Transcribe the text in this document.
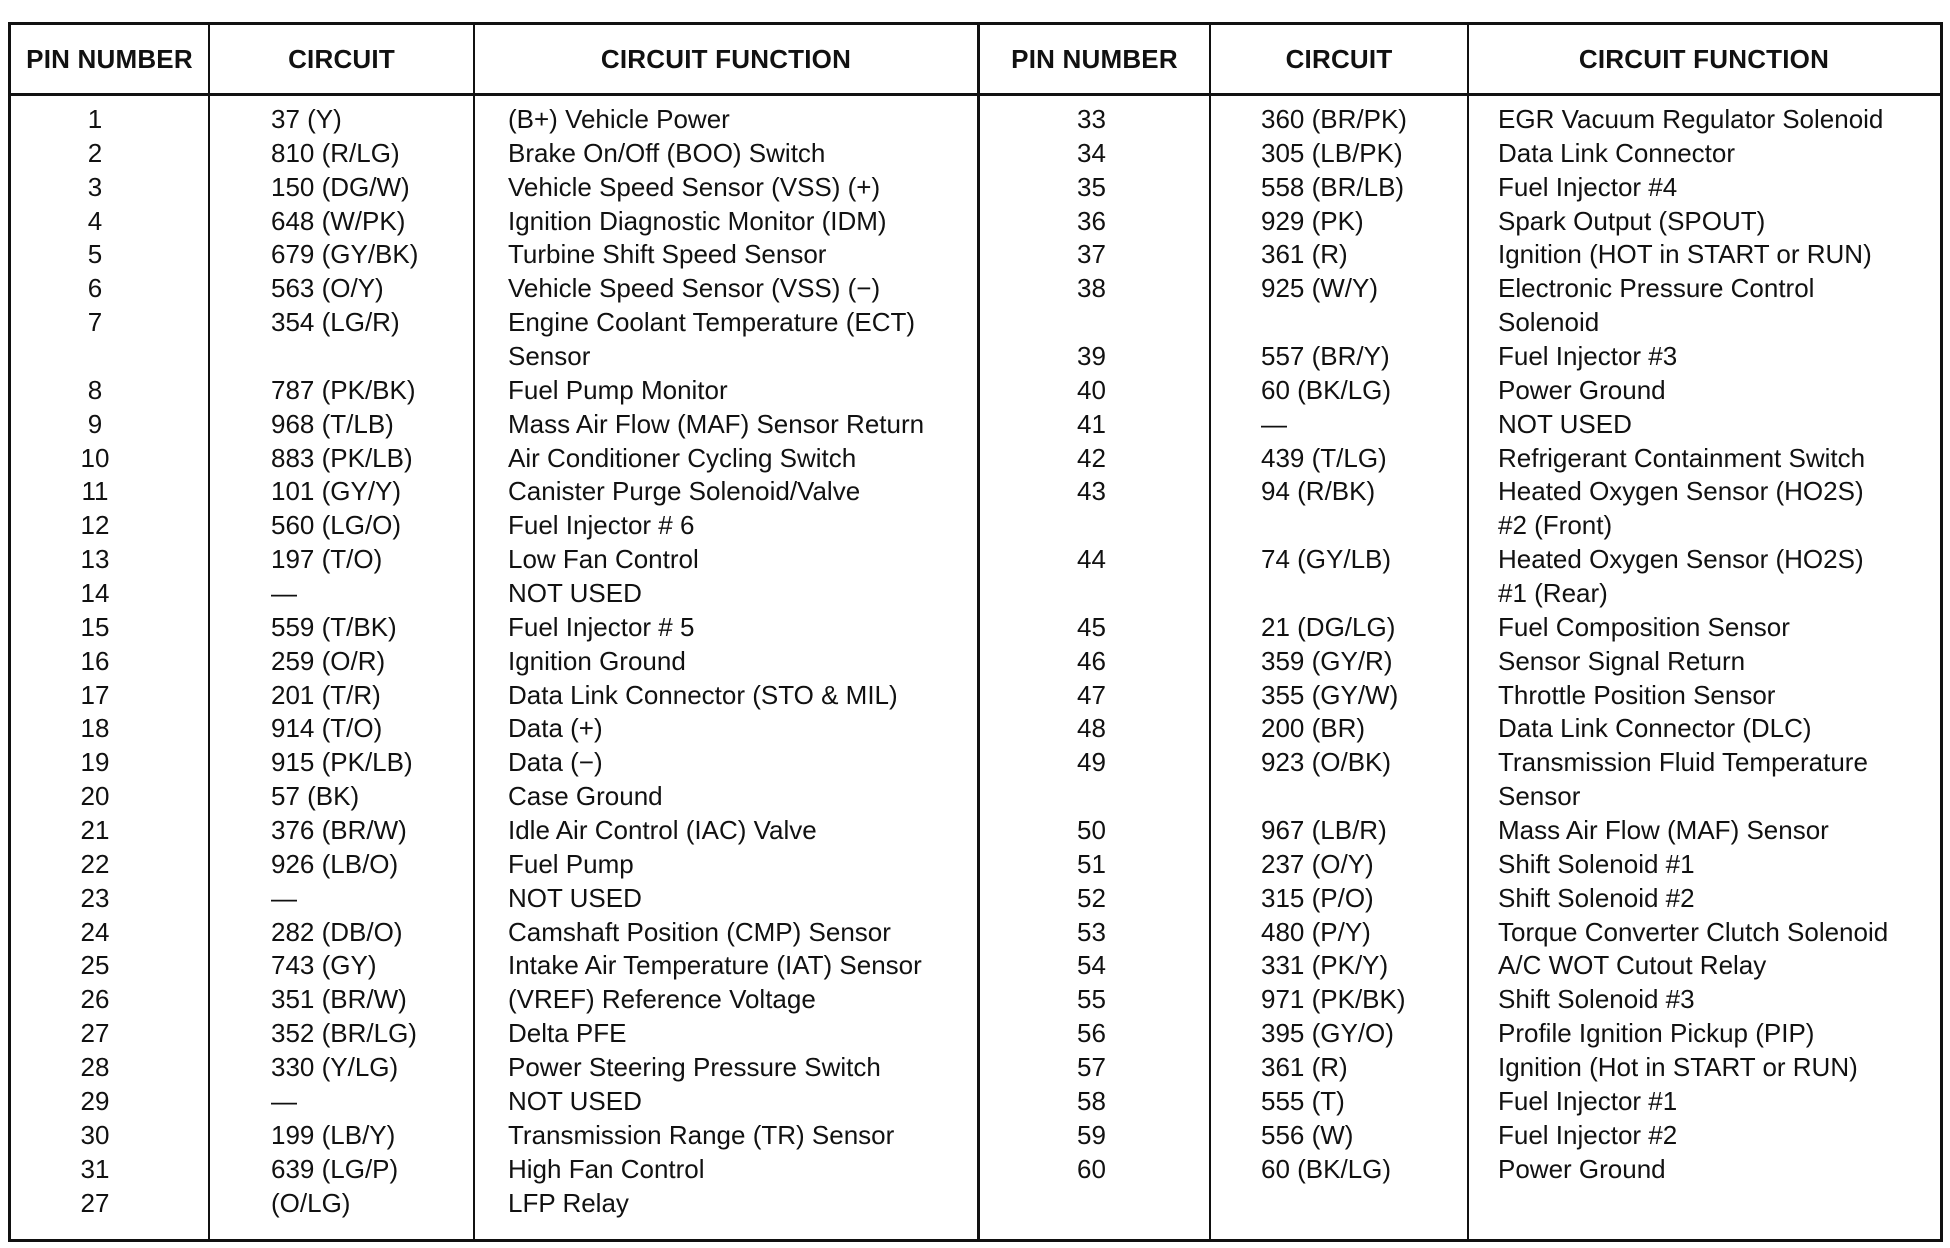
PIN NUMBER	CIRCUIT	CIRCUIT FUNCTION	PIN NUMBER	CIRCUIT	CIRCUIT FUNCTION
1	37 (Y)	(B+) Vehicle Power
2	810 (R/LG)	Brake On/Off (BOO) Switch
3	150 (DG/W)	Vehicle Speed Sensor (VSS) (+)
4	648 (W/PK)	Ignition Diagnostic Monitor (IDM)
5	679 (GY/BK)	Turbine Shift Speed Sensor
6	563 (O/Y)	Vehicle Speed Sensor (VSS) (−)
7	354 (LG/R)	Engine Coolant Temperature (ECT)
Sensor
8	787 (PK/BK)	Fuel Pump Monitor
9	968 (T/LB)	Mass Air Flow (MAF) Sensor Return
10	883 (PK/LB)	Air Conditioner Cycling Switch
11	101 (GY/Y)	Canister Purge Solenoid/Valve
12	560 (LG/O)	Fuel Injector # 6
13	197 (T/O)	Low Fan Control
14	—	NOT USED
15	559 (T/BK)	Fuel Injector # 5
16	259 (O/R)	Ignition Ground
17	201 (T/R)	Data Link Connector (STO & MIL)
18	914 (T/O)	Data (+)
19	915 (PK/LB)	Data (−)
20	57 (BK)	Case Ground
21	376 (BR/W)	Idle Air Control (IAC) Valve
22	926 (LB/O)	Fuel Pump
23	—	NOT USED
24	282 (DB/O)	Camshaft Position (CMP) Sensor
25	743 (GY)	Intake Air Temperature (IAT) Sensor
26	351 (BR/W)	(VREF) Reference Voltage
27	352 (BR/LG)	Delta PFE
28	330 (Y/LG)	Power Steering Pressure Switch
29	—	NOT USED
30	199 (LB/Y)	Transmission Range (TR) Sensor
31	639 (LG/P)	High Fan Control
27	(O/LG)	LFP Relay
33	360 (BR/PK)	EGR Vacuum Regulator Solenoid
34	305 (LB/PK)	Data Link Connector
35	558 (BR/LB)	Fuel Injector #4
36	929 (PK)	Spark Output (SPOUT)
37	361 (R)	Ignition (HOT in START or RUN)
38	925 (W/Y)	Electronic Pressure Control
Solenoid
39	557 (BR/Y)	Fuel Injector #3
40	60 (BK/LG)	Power Ground
41	—	NOT USED
42	439 (T/LG)	Refrigerant Containment Switch
43	94 (R/BK)	Heated Oxygen Sensor (HO2S)
#2 (Front)
44	74 (GY/LB)	Heated Oxygen Sensor (HO2S)
#1 (Rear)
45	21 (DG/LG)	Fuel Composition Sensor
46	359 (GY/R)	Sensor Signal Return
47	355 (GY/W)	Throttle Position Sensor
48	200 (BR)	Data Link Connector (DLC)
49	923 (O/BK)	Transmission Fluid Temperature
Sensor
50	967 (LB/R)	Mass Air Flow (MAF) Sensor
51	237 (O/Y)	Shift Solenoid #1
52	315 (P/O)	Shift Solenoid #2
53	480 (P/Y)	Torque Converter Clutch Solenoid
54	331 (PK/Y)	A/C WOT Cutout Relay
55	971 (PK/BK)	Shift Solenoid #3
56	395 (GY/O)	Profile Ignition Pickup (PIP)
57	361 (R)	Ignition (Hot in START or RUN)
58	555 (T)	Fuel Injector #1
59	556 (W)	Fuel Injector #2
60	60 (BK/LG)	Power Ground
